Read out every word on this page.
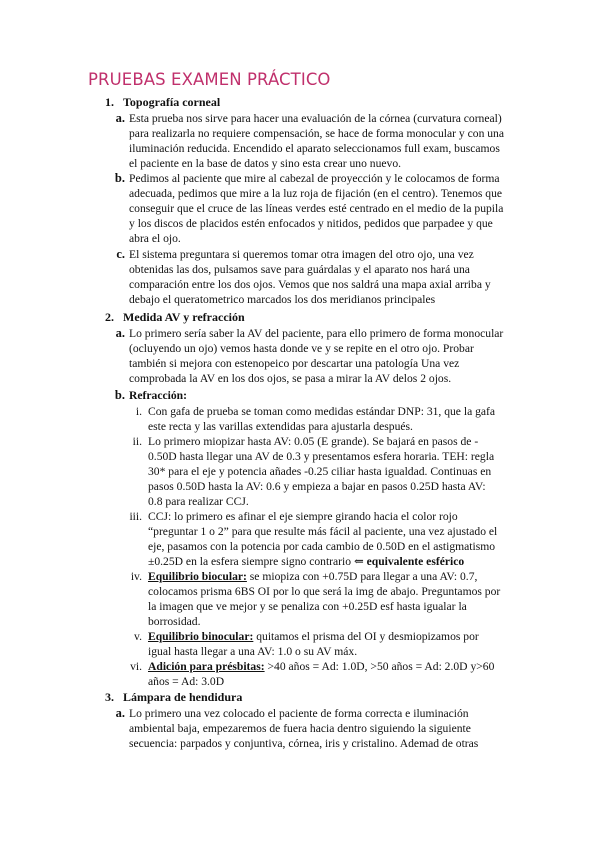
PRUEBAS EXAMEN PRÁCTICO
1. Topografía corneal
a. Esta prueba nos sirve para hacer una evaluación de la córnea (curvatura corneal)
para realizarla no requiere compensación, se hace de forma monocular y con una
iluminación reducida. Encendido el aparato seleccionamos full exam, buscamos
el paciente en la base de datos y sino esta crear uno nuevo.
b. Pedimos al paciente que mire al cabezal de proyección y le colocamos de forma
adecuada, pedimos que mire a la luz roja de fijación (en el centro). Tenemos que
conseguir que el cruce de las líneas verdes esté centrado en el medio de la pupila
y los discos de placidos estén enfocados y nitidos, pedidos que parpadee y que
abra el ojo.
c. El sistema preguntara si queremos tomar otra imagen del otro ojo, una vez
obtenidas las dos, pulsamos save para guárdalas y el aparato nos hará una
comparación entre los dos ojos. Vemos que nos saldrá una mapa axial arriba y
debajo el queratometrico marcados los dos meridianos principales
2. Medida AV y refracción
a. Lo primero sería saber la AV del paciente, para ello primero de forma monocular
(ocluyendo un ojo) vemos hasta donde ve y se repite en el otro ojo. Probar
también si mejora con estenopeico por descartar una patología Una vez
comprobada la AV en los dos ojos, se pasa a mirar la AV delos 2 ojos.
b. Refracción:
i. Con gafa de prueba se toman como medidas estándar DNP: 31, que la gafa
este recta y las varillas extendidas para ajustarla después.
ii. Lo primero miopizar hasta AV: 0.05 (E grande). Se bajará en pasos de -
0.50D hasta llegar una AV de 0.3 y presentamos esfera horaria. TEH: regla
30* para el eje y potencia añades -0.25 ciliar hasta igualdad. Continuas en
pasos 0.50D hasta la AV: 0.6 y empieza a bajar en pasos 0.25D hasta AV:
0.8 para realizar CCJ.
iii. CCJ: lo primero es afinar el eje siempre girando hacia el color rojo
“preguntar 1 o 2” para que resulte más fácil al paciente, una vez ajustado el
eje, pasamos con la potencia por cada cambio de 0.50D en el astigmatismo
±0.25D en la esfera siempre signo contrario ⇐ equivalente esférico
iv. Equilibrio biocular: se miopiza con +0.75D para llegar a una AV: 0.7,
colocamos prisma 6BS OI por lo que será la img de abajo. Preguntamos por
la imagen que ve mejor y se penaliza con +0.25D esf hasta igualar la
borrosidad.
v. Equilibrio binocular: quitamos el prisma del OI y desmiopizamos por
igual hasta llegar a una AV: 1.0 o su AV máx.
vi. Adición para présbitas: >40 años = Ad: 1.0D, >50 años = Ad: 2.0D y>60
años = Ad: 3.0D
3. Lámpara de hendidura
a. Lo primero una vez colocado el paciente de forma correcta e iluminación
ambiental baja, empezaremos de fuera hacia dentro siguiendo la siguiente
secuencia: parpados y conjuntiva, córnea, iris y cristalino. Ademad de otras
